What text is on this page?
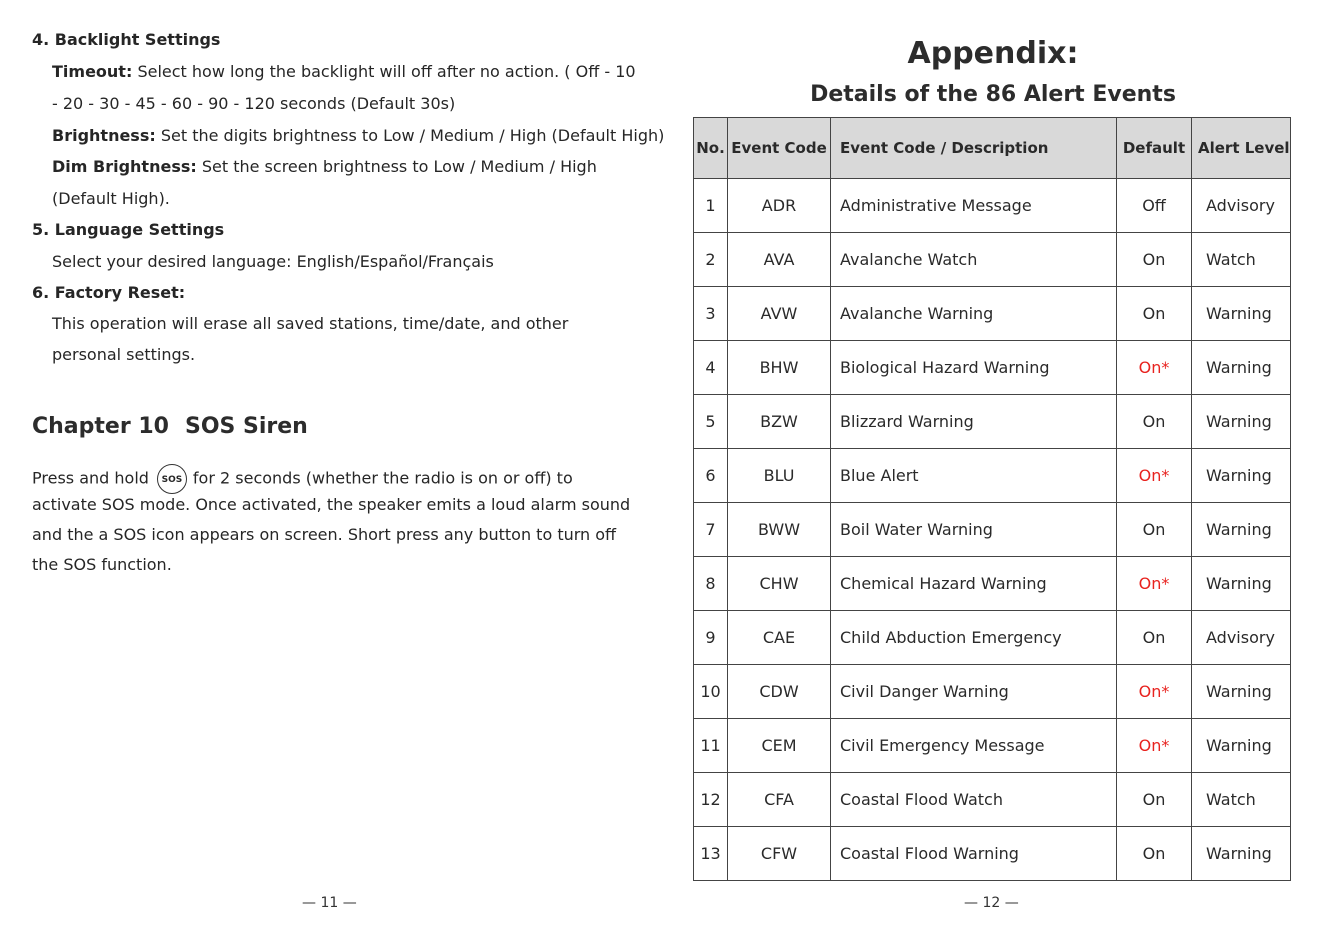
4. Backlight Settings
Timeout: Select how long the backlight will off after no action. ( Off - 10
- 20 - 30 - 45 - 60 - 90 - 120 seconds (Default 30s)
Brightness: Set the digits brightness to Low / Medium / High (Default High)
Dim Brightness: Set the screen brightness to Low / Medium / High
(Default High).
5. Language Settings
Select your desired language: English/Español/Français
6. Factory Reset:
This operation will erase all saved stations, time/date, and other
personal settings.
Chapter 10 SOS Siren
Press and hold SOS for 2 seconds (whether the radio is on or off) to
activate SOS mode. Once activated, the speaker emits a loud alarm sound
and the a SOS icon appears on screen. Short press any button to turn off
the SOS function.
— 11 —
Appendix:
Details of the 86 Alert Events
No.	Event Code	Event Code / Description	Default	Alert Level
1	ADR	Administrative Message	Off	Advisory
2	AVA	Avalanche Watch	On	Watch
3	AVW	Avalanche Warning	On	Warning
4	BHW	Biological Hazard Warning	On*	Warning
5	BZW	Blizzard Warning	On	Warning
6	BLU	Blue Alert	On*	Warning
7	BWW	Boil Water Warning	On	Warning
8	CHW	Chemical Hazard Warning	On*	Warning
9	CAE	Child Abduction Emergency	On	Advisory
10	CDW	Civil Danger Warning	On*	Warning
11	CEM	Civil Emergency Message	On*	Warning
12	CFA	Coastal Flood Watch	On	Watch
13	CFW	Coastal Flood Warning	On	Warning
— 12 —
